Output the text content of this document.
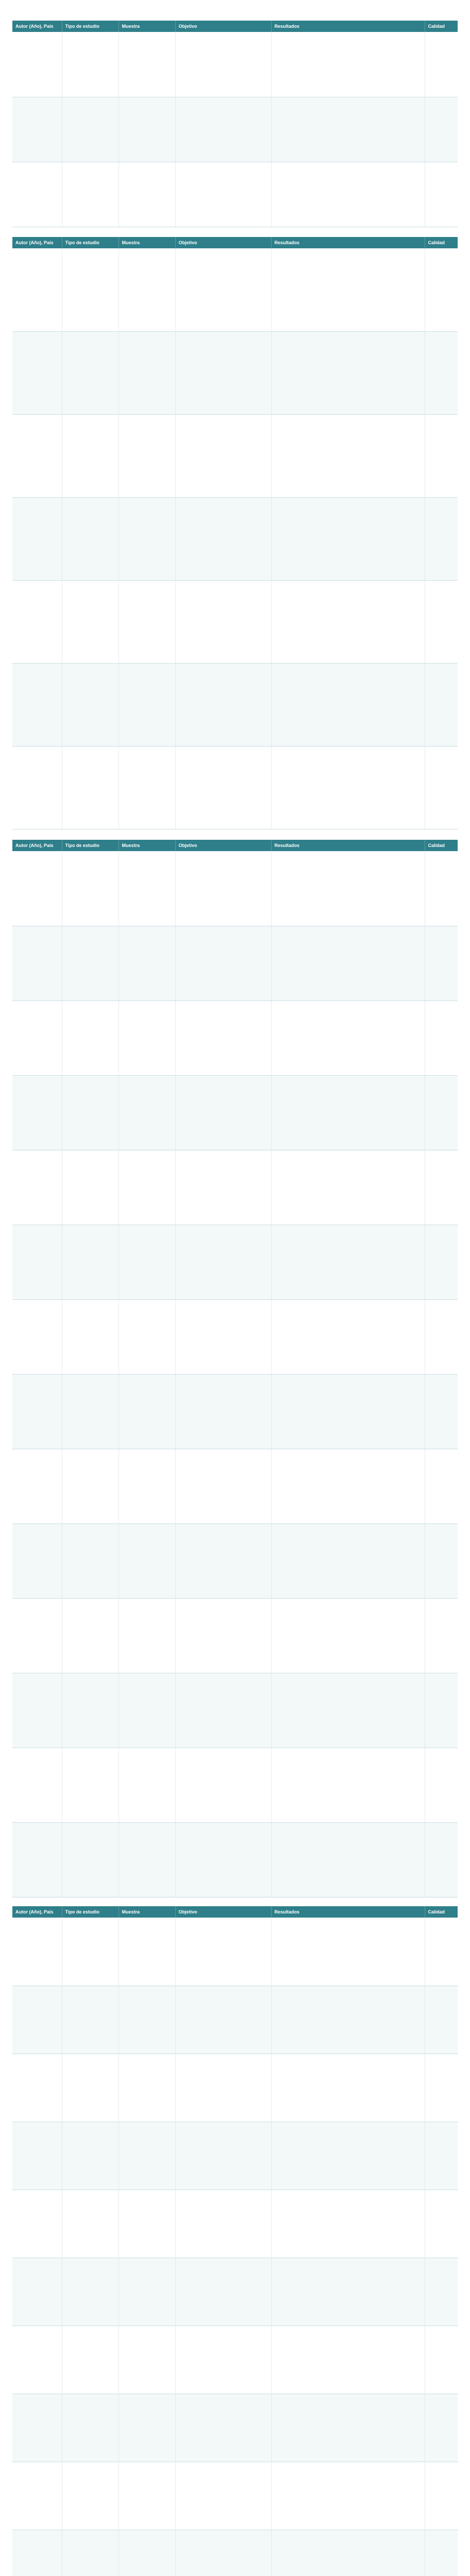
Autor (Año), País	Tipo de estudio	Muestra	Objetivo	Resultados	Calidad

Autor (Año), País	Tipo de estudio	Muestra	Objetivo	Resultados	Calidad

Autor (Año), País	Tipo de estudio	Muestra	Objetivo	Resultados	Calidad

Autor (Año), País	Tipo de estudio	Muestra	Objetivo	Resultados	Calidad
